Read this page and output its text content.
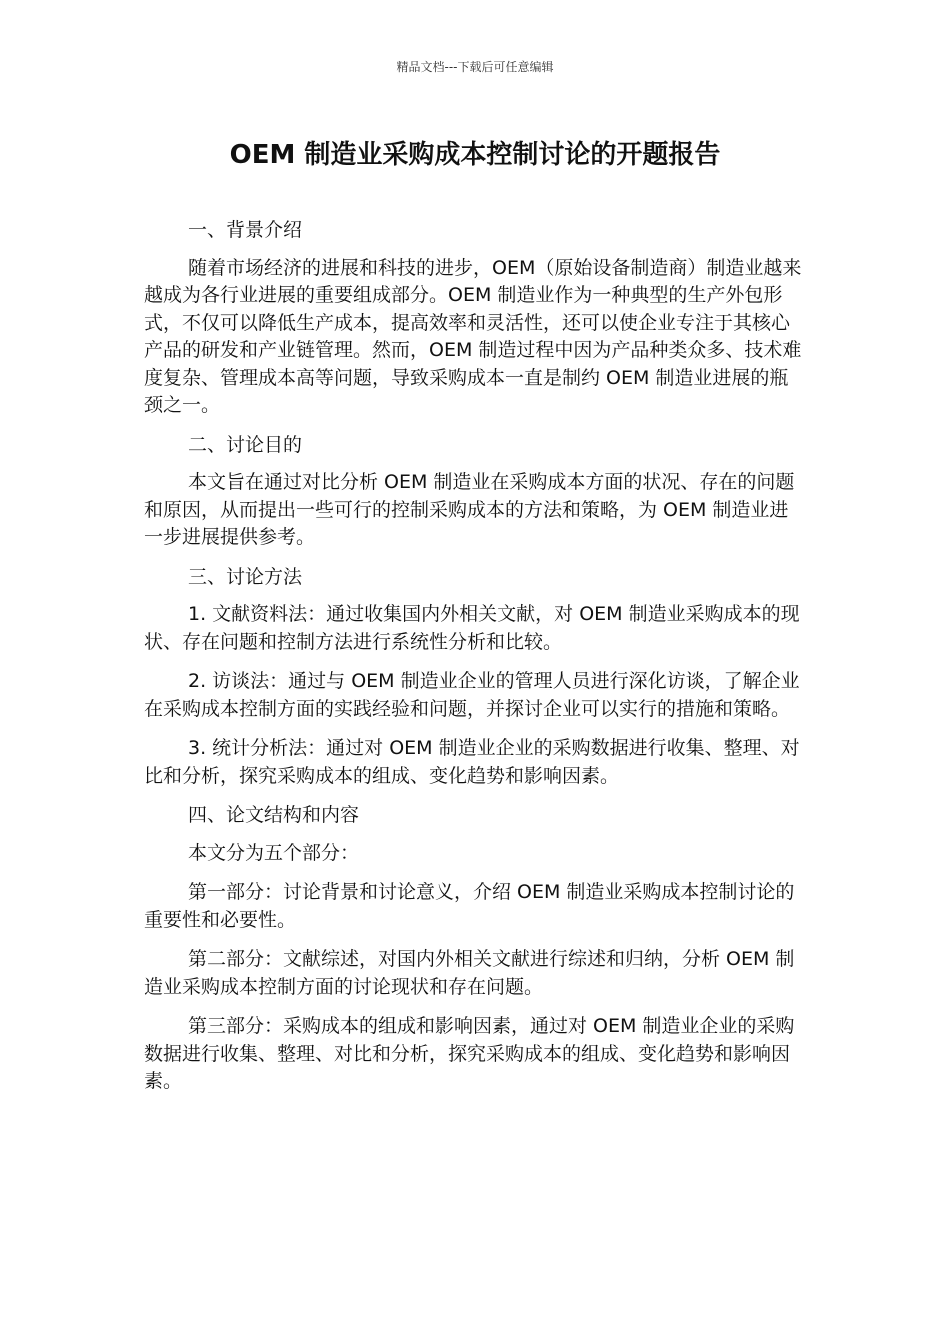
精品文档---下载后可任意编辑
OEM 制造业采购成本控制讨论的开题报告

一、背景介绍

随着市场经济的进展和科技的进步，OEM（原始设备制造商）制造业越来越成为各行业进展的重要组成部分。OEM 制造业作为一种典型的生产外包形式，不仅可以降低生产成本，提高效率和灵活性，还可以使企业专注于其核心产品的研发和产业链管理。然而，OEM 制造过程中因为产品种类众多、技术难度复杂、管理成本高等问题，导致采购成本一直是制约 OEM 制造业进展的瓶颈之一。

二、讨论目的

本文旨在通过对比分析 OEM 制造业在采购成本方面的状况、存在的问题和原因，从而提出一些可行的控制采购成本的方法和策略，为 OEM 制造业进一步进展提供参考。

三、讨论方法

1. 文献资料法：通过收集国内外相关文献，对 OEM 制造业采购成本的现状、存在问题和控制方法进行系统性分析和比较。

2. 访谈法：通过与 OEM 制造业企业的管理人员进行深化访谈，了解企业在采购成本控制方面的实践经验和问题，并探讨企业可以实行的措施和策略。

3. 统计分析法：通过对 OEM 制造业企业的采购数据进行收集、整理、对比和分析，探究采购成本的组成、变化趋势和影响因素。

四、论文结构和内容

本文分为五个部分：

第一部分：讨论背景和讨论意义，介绍 OEM 制造业采购成本控制讨论的重要性和必要性。

第二部分：文献综述，对国内外相关文献进行综述和归纳，分析 OEM 制造业采购成本控制方面的讨论现状和存在问题。

第三部分：采购成本的组成和影响因素，通过对 OEM 制造业企业的采购数据进行收集、整理、对比和分析，探究采购成本的组成、变化趋势和影响因素。
